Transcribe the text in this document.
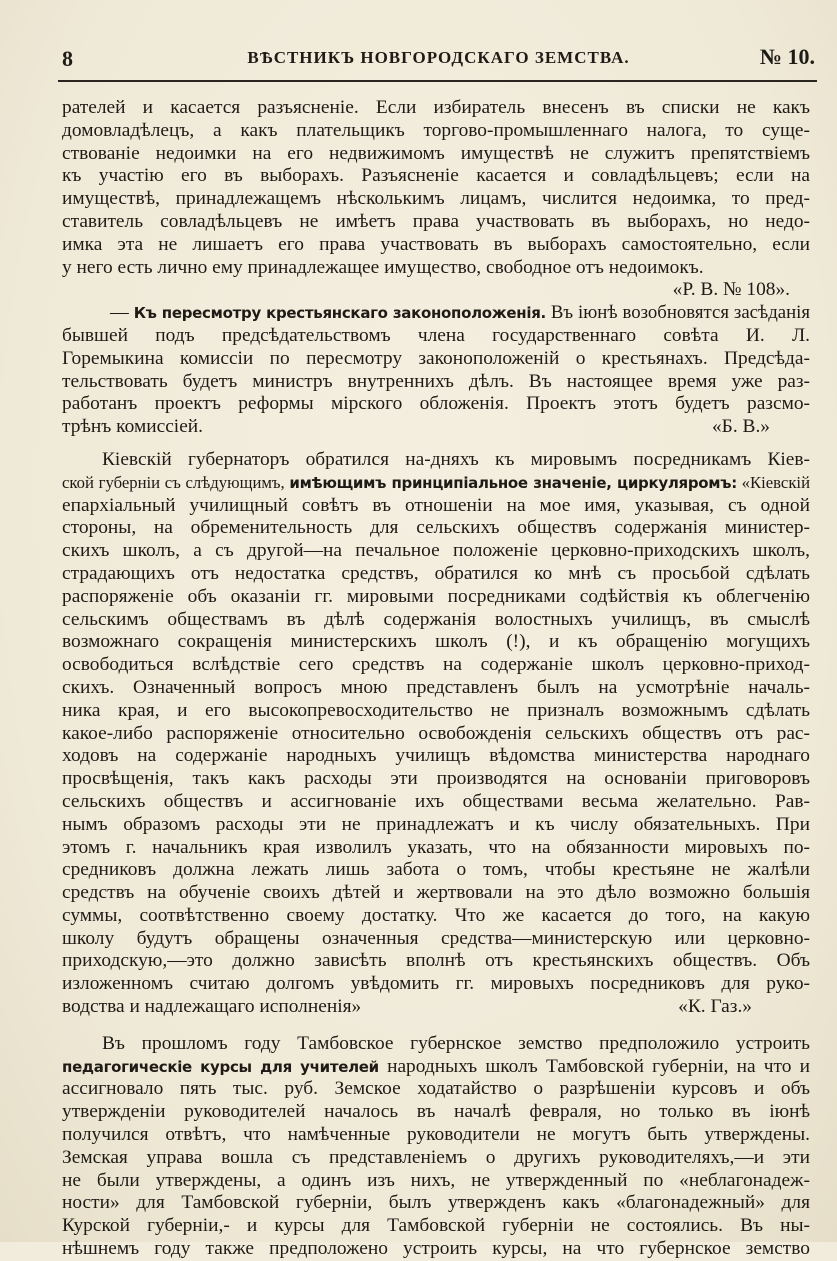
8	ВѢСТНИКЪ НОВГОРОДСКАГО ЗЕМСТВА.	№ 10.
рателей и касается разъясненіе. Если избиратель внесенъ въ списки не какъ
домовладѣлецъ, а какъ плательщикъ торгово-промышленнаго налога, то суще-
ствованіе недоимки на его недвижимомъ имуществѣ не служитъ препятствіемъ
къ участію его въ выборахъ. Разъясненіе касается и совладѣльцевъ; если на
имуществѣ, принадлежащемъ нѣсколькимъ лицамъ, числится недоимка, то пред-
ставитель совладѣльцевъ не имѣетъ права участвовать въ выборахъ, но недо-
имка эта не лишаетъ его права участвовать въ выборахъ самостоятельно, если
у него есть лично ему принадлежащее имущество, свободное отъ недоимокъ.
«Р. В. № 108».
— Къ пересмотру крестьянскаго законоположенія. Въ іюнѣ возобновятся засѣданія
бывшей подъ предсѣдательствомъ члена государственнаго совѣта И. Л.
Горемыкина комиссіи по пересмотру законоположеній о крестьянахъ. Предсѣда-
тельствовать будетъ министръ внутреннихъ дѣлъ. Въ настоящее время уже раз-
работанъ проектъ реформы мірского обложенія. Проектъ этотъ будетъ разсмо-
трѣнъ комиссіей.	«Б. В.»
Кіевскій губернаторъ обратился на-дняхъ къ мировымъ посредникамъ Кіев-
ской губерніи съ слѣдующимъ, имѣющимъ принципіальное значеніе, циркуляромъ: «Кіевскій
епархіальный училищный совѣтъ въ отношеніи на мое имя, указывая, съ одной
стороны, на обременительность для сельскихъ обществъ содержанія министер-
скихъ школъ, а съ другой—на печальное положеніе церковно-приходскихъ школъ,
страдающихъ отъ недостатка средствъ, обратился ко мнѣ съ просьбой сдѣлать
распоряженіе объ оказаніи гг. мировыми посредниками содѣйствія къ облегченію
сельскимъ обществамъ въ дѣлѣ содержанія волостныхъ училищъ, въ смыслѣ
возможнаго сокращенія министерскихъ школъ (!), и къ обращенію могущихъ
освободиться вслѣдствіе сего средствъ на содержаніе школъ церковно-приход-
скихъ. Означенный вопросъ мною представленъ былъ на усмотрѣніе началь-
ника края, и его высокопревосходительство не призналъ возможнымъ сдѣлать
какое-либо распоряженіе относительно освобожденія сельскихъ обществъ отъ рас-
ходовъ на содержаніе народныхъ училищъ вѣдомства министерства народнаго
просвѣщенія, такъ какъ расходы эти производятся на основаніи приговоровъ
сельскихъ обществъ и ассигнованіе ихъ обществами весьма желательно. Рав-
нымъ образомъ расходы эти не принадлежатъ и къ числу обязательныхъ. При
этомъ г. начальникъ края изволилъ указать, что на обязанности мировыхъ по-
средниковъ должна лежать лишь забота о томъ, чтобы крестьяне не жалѣли
средствъ на обученіе своихъ дѣтей и жертвовали на это дѣло возможно большія
суммы, соотвѣтственно своему достатку. Что же касается до того, на какую
школу будутъ обращены означенныя средства—министерскую или церковно-
приходскую,—это должно зависѣть вполнѣ отъ крестьянскихъ обществъ. Объ
изложенномъ считаю долгомъ увѣдомить гг. мировыхъ посредниковъ для руко-
водства и надлежащаго исполненія»	«К. Газ.»
Въ прошломъ году Тамбовское губернское земство предположило устроить
педагогическіе курсы для учителей народныхъ школъ Тамбовской губерніи, на что и
ассигновало пять тыс. руб. Земское ходатайство о разрѣшеніи курсовъ и объ
утвержденіи руководителей началось въ началѣ февраля, но только въ іюнѣ
получился отвѣтъ, что намѣченные руководители не могутъ быть утверждены.
Земская управа вошла съ представленіемъ о другихъ руководителяхъ,—и эти
не были утверждены, а одинъ изъ нихъ, не утвержденный по «неблагонадеж-
ности» для Тамбовской губерніи, былъ утвержденъ какъ «благонадежный» для
Курской губерніи,- и курсы для Тамбовской губерніи не состоялись. Въ ны-
нѣшнемъ году также предположено устроить курсы, на что губернское земство
